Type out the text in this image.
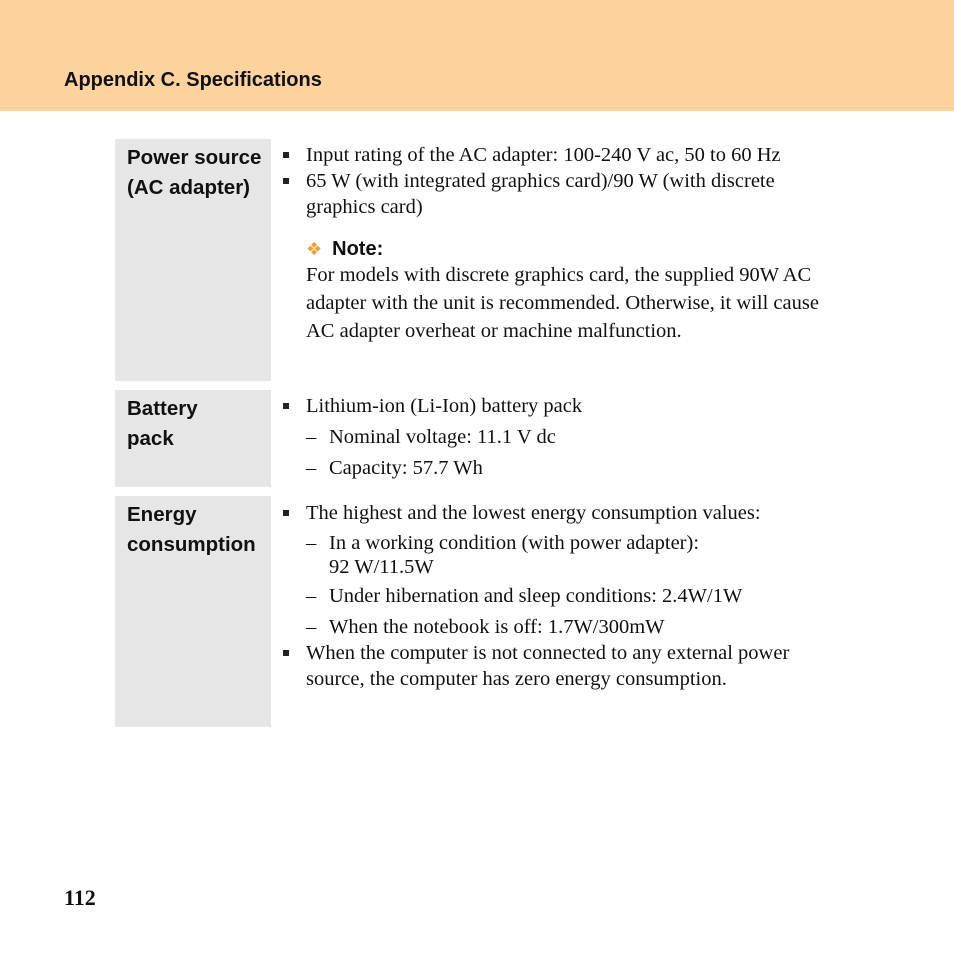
Appendix C. Specifications
Power source
(AC adapter)
Input rating of the AC adapter: 100-240 V ac, 50 to 60 Hz
65 W (with integrated graphics card)/90 W (with discrete graphics card)
❖ Note:
For models with discrete graphics card, the supplied 90W AC adapter with the unit is recommended. Otherwise, it will cause AC adapter overheat or machine malfunction.
Battery
pack
Lithium-ion (Li-Ion) battery pack
– Nominal voltage: 11.1 V dc
– Capacity: 57.7 Wh
Energy
consumption
The highest and the lowest energy consumption values:
– In a working condition (with power adapter):
92 W/11.5W
– Under hibernation and sleep conditions: 2.4W/1W
– When the notebook is off: 1.7W/300mW
When the computer is not connected to any external power source, the computer has zero energy consumption.
112
